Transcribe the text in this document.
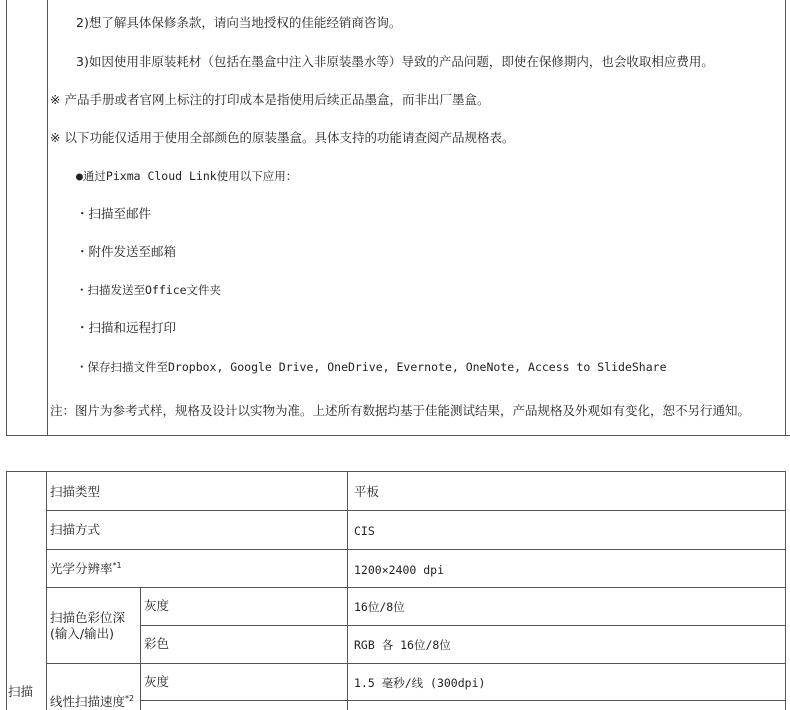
2)想了解具体保修条款，请向当地授权的佳能经销商咨询。
3)如因使用非原装耗材（包括在墨盒中注入非原装墨水等）导致的产品问题，即使在保修期内，也会收取相应费用。
※ 产品手册或者官网上标注的打印成本是指使用后续正品墨盒，而非出厂墨盒。
※ 以下功能仅适用于使用全部颜色的原装墨盒。具体支持的功能请查阅产品规格表。
●通过Pixma Cloud Link使用以下应用：
・扫描至邮件
・附件发送至邮箱
・扫描发送至Office文件夹
・扫描和远程打印
・保存扫描文件至Dropbox, Google Drive, OneDrive, Evernote, OneNote, Access to SlideShare
注：图片为参考式样，规格及设计以实物为准。上述所有数据均基于佳能测试结果，产品规格及外观如有变化，恕不另行通知。
扫描
扫描类型	平板
扫描方式	CIS
光学分辨率$^{*1}$	1200×2400 dpi
扫描色彩位深
(输入/输出)
灰度	16位/8位
彩色	RGB 各 16位/8位
线性扫描速度$^{*2}$
灰度	1.5 毫秒/线 (300dpi)
